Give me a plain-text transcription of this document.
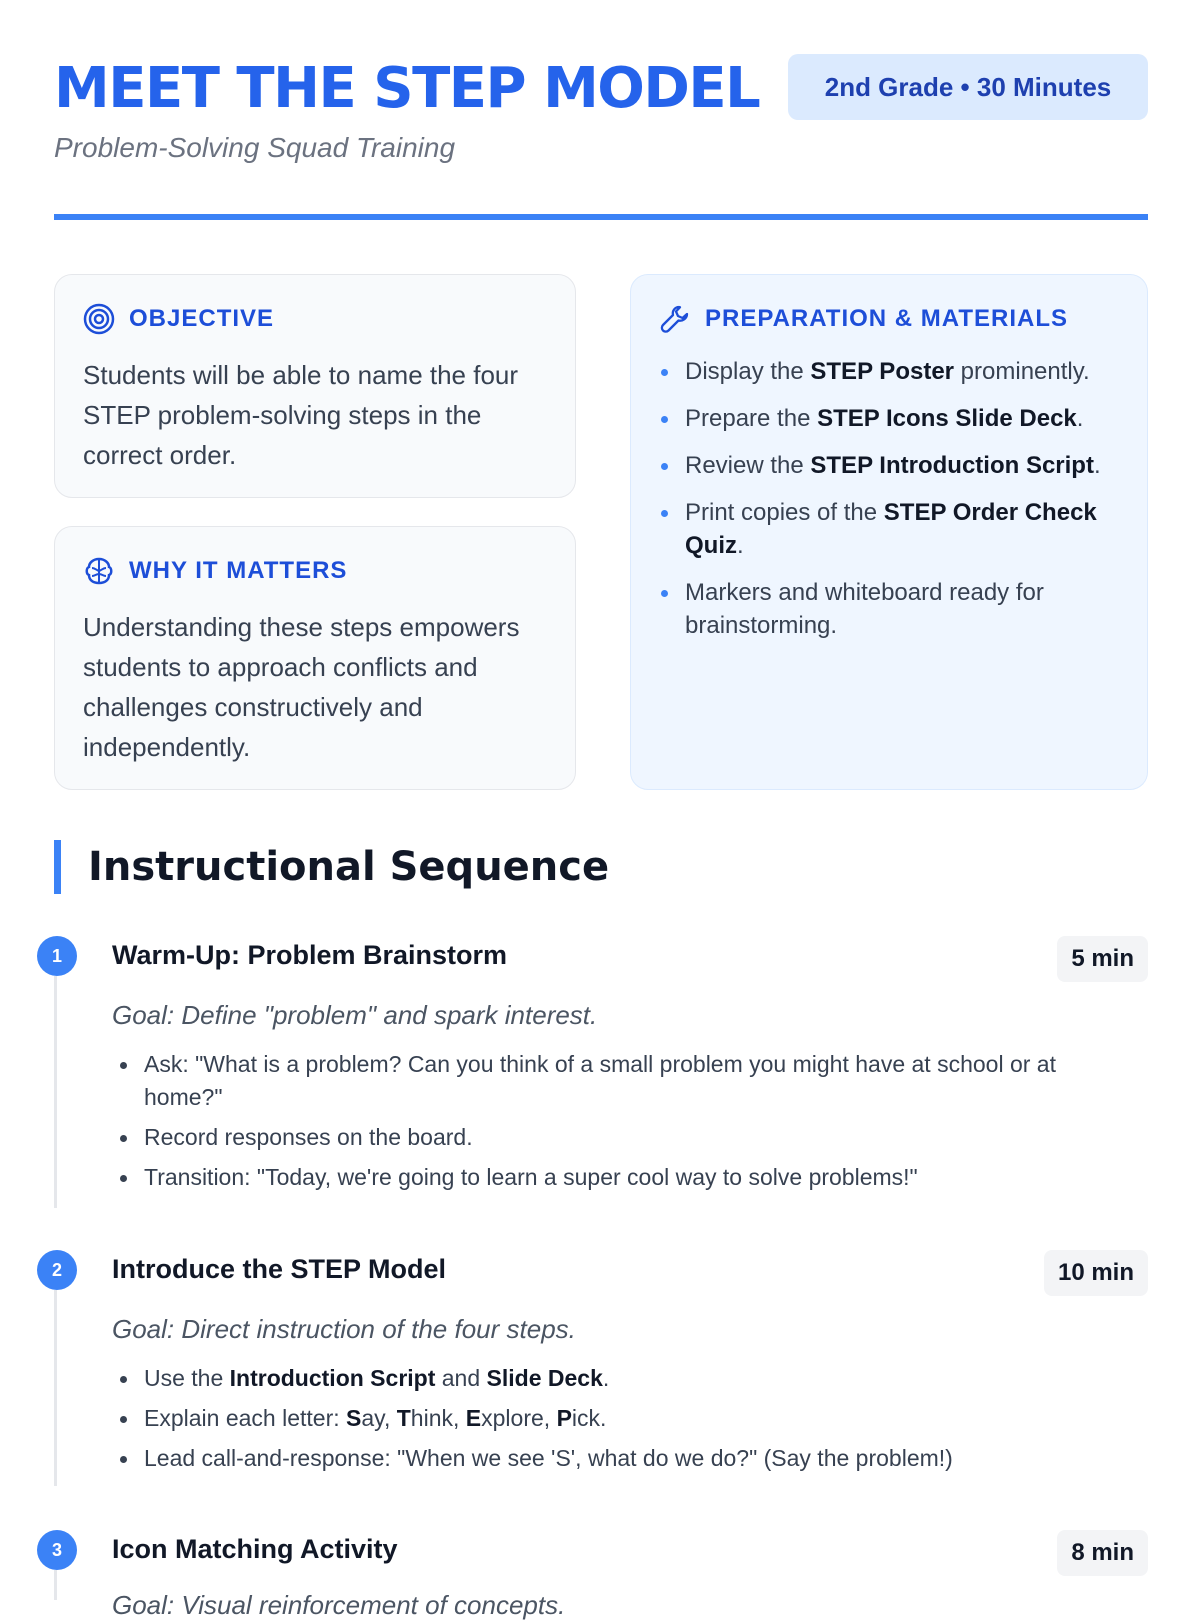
MEET THE STEP MODEL	2nd Grade • 30 Minutes
Problem-Solving Squad Training
OBJECTIVE
Students will be able to name the four STEP problem-solving steps in the correct order.
WHY IT MATTERS
Understanding these steps empowers students to approach conflicts and challenges constructively and independently.
PREPARATION & MATERIALS
Display the STEP Poster prominently.
Prepare the STEP Icons Slide Deck.
Review the STEP Introduction Script.
Print copies of the STEP Order Check Quiz.
Markers and whiteboard ready for brainstorming.
Instructional Sequence
1	Warm-Up: Problem Brainstorm	5 min
Goal: Define "problem" and spark interest.
Ask: "What is a problem? Can you think of a small problem you might have at school or at home?"
Record responses on the board.
Transition: "Today, we're going to learn a super cool way to solve problems!"
2	Introduce the STEP Model	10 min
Goal: Direct instruction of the four steps.
Use the Introduction Script and Slide Deck.
Explain each letter: Say, Think, Explore, Pick.
Lead call-and-response: "When we see 'S', what do we do?" (Say the problem!)
3	Icon Matching Activity	8 min
Goal: Visual reinforcement of concepts.
